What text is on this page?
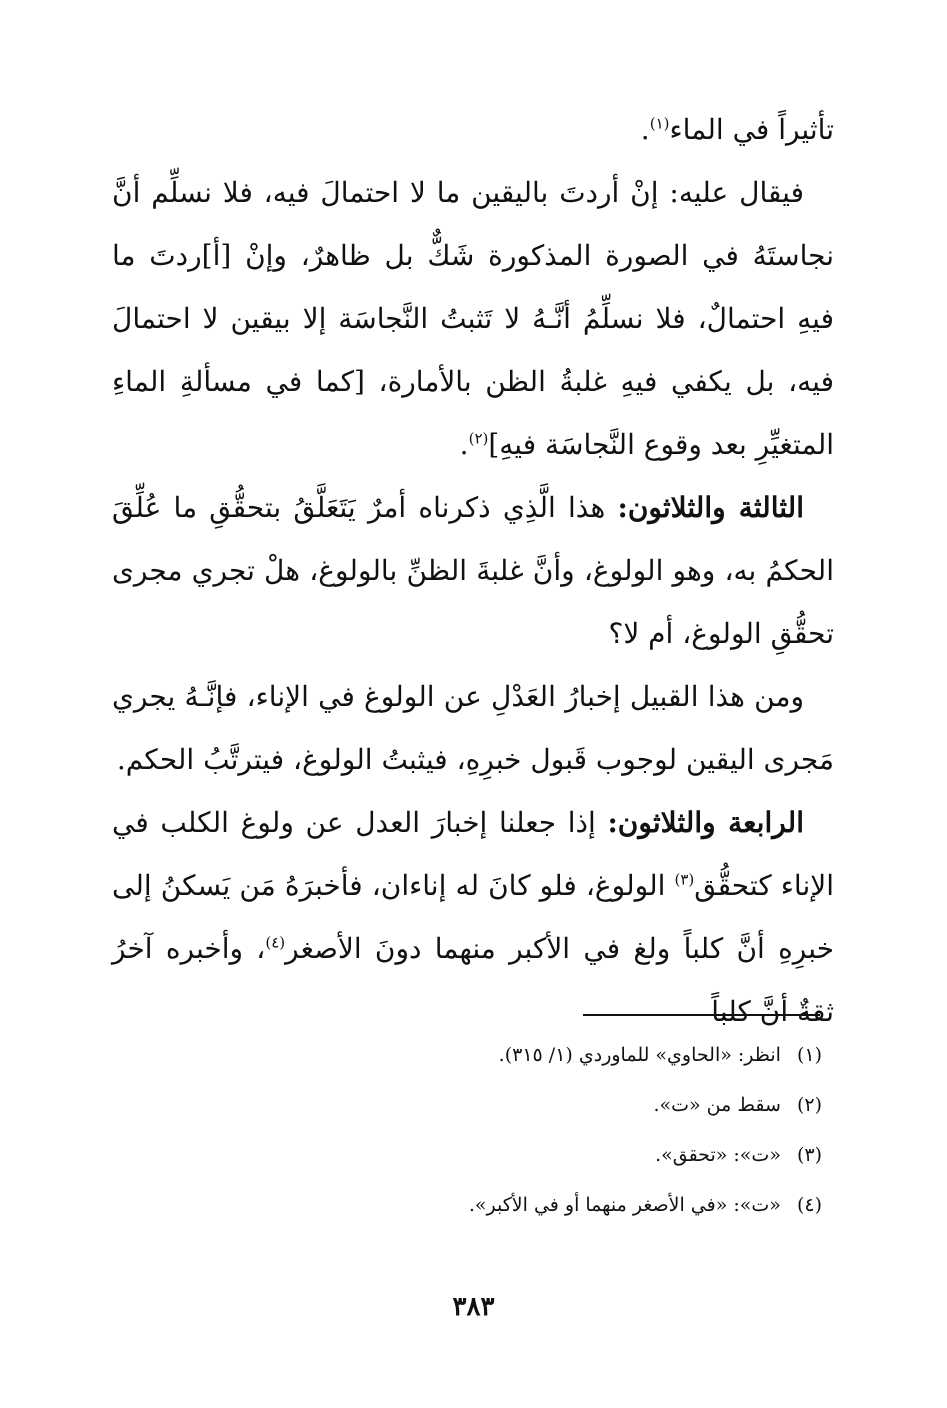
تأثيراً في الماء$^{(١)}$.

فيقال عليه: إنْ أردتَ باليقين ما لا احتمالَ فيه، فلا نسلِّم أنَّ نجاستَهُ في الصورة المذكورة شَكٌّ بل ظاهرٌ، وإنْ [أ]ردتَ ما فيهِ احتمالٌ، فلا نسلِّمُ أنَّـهُ لا تَثبتُ النَّجاسَة إلا بيقين لا احتمالَ فيه، بل يكفي فيهِ غلبةُ الظن بالأمارة، [كما في مسألةِ الماءِ المتغيِّرِ بعد وقوع النَّجاسَة فيهِ]$^{(٢)}$.

الثالثة والثلاثون: هذا الَّذِي ذكرناه أمرٌ يَتَعَلَّقُ بتحقُّقِ ما عُلِّقَ الحكمُ به، وهو الولوغ، وأنَّ غلبةَ الظنِّ بالولوغ، هلْ تجري مجرى تحقُّقِ الولوغ، أم لا؟

ومن هذا القبيل إخبارُ العَدْلِ عن الولوغ في الإناء، فإنَّـهُ يجري مَجرى اليقين لوجوب قَبول خبرِهِ، فيثبتُ الولوغ، فيترتَّبُ الحكم.

الرابعة والثلاثون: إذا جعلنا إخبارَ العدل عن ولوغ الكلب في الإناء كتحقُّق$^{(٣)}$ الولوغ، فلو كانَ له إناءان، فأخبرَهُ مَن يَسكنُ إلى خبرِهِ أنَّ كلباً ولغ في الأكبر منهما دونَ الأصغر$^{(٤)}$، وأخبره آخرُ ثقةٌ أنَّ كلباً

(١)انظر: «الحاوي» للماوردي (١/ ٣١٥).

(٢)سقط من «ت».

(٣)«ت»: «تحقق».

(٤)«ت»: «في الأصغر منهما أو في الأكبر».

٣٨٣
